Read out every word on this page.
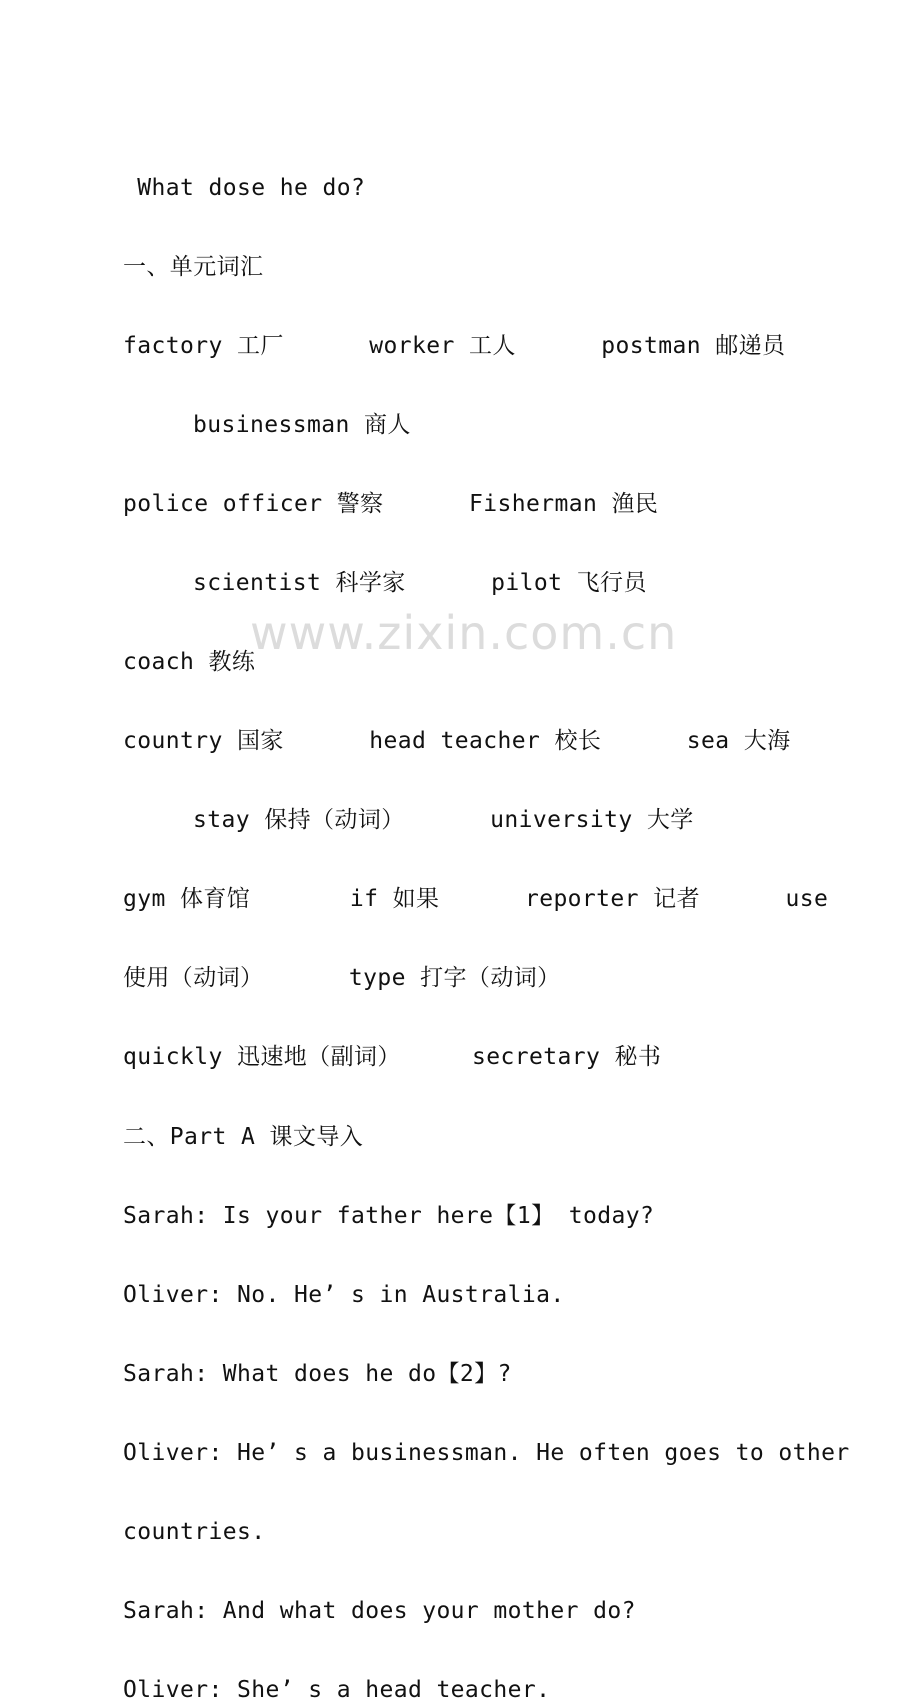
www.zixin.com.cn
What dose he do?
一、单元词汇
factory 工厂      worker 工人      postman 邮递员
businessman 商人
police officer 警察      Fisherman 渔民
scientist 科学家      pilot 飞行员
coach 教练
country 国家      head teacher 校长      sea 大海
stay 保持（动词）      university 大学
gym 体育馆       if 如果      reporter 记者      use
使用（动词）      type 打字（动词）
quickly 迅速地（副词）     secretary 秘书
二、Part A 课文导入
Sarah: Is your father here【1】 today?
Oliver: No. He’ s in Australia.
Sarah: What does he do【2】?
Oliver: He’ s a businessman. He often goes to other
countries.
Sarah: And what does your mother do?
Oliver: She’ s a head teacher.
